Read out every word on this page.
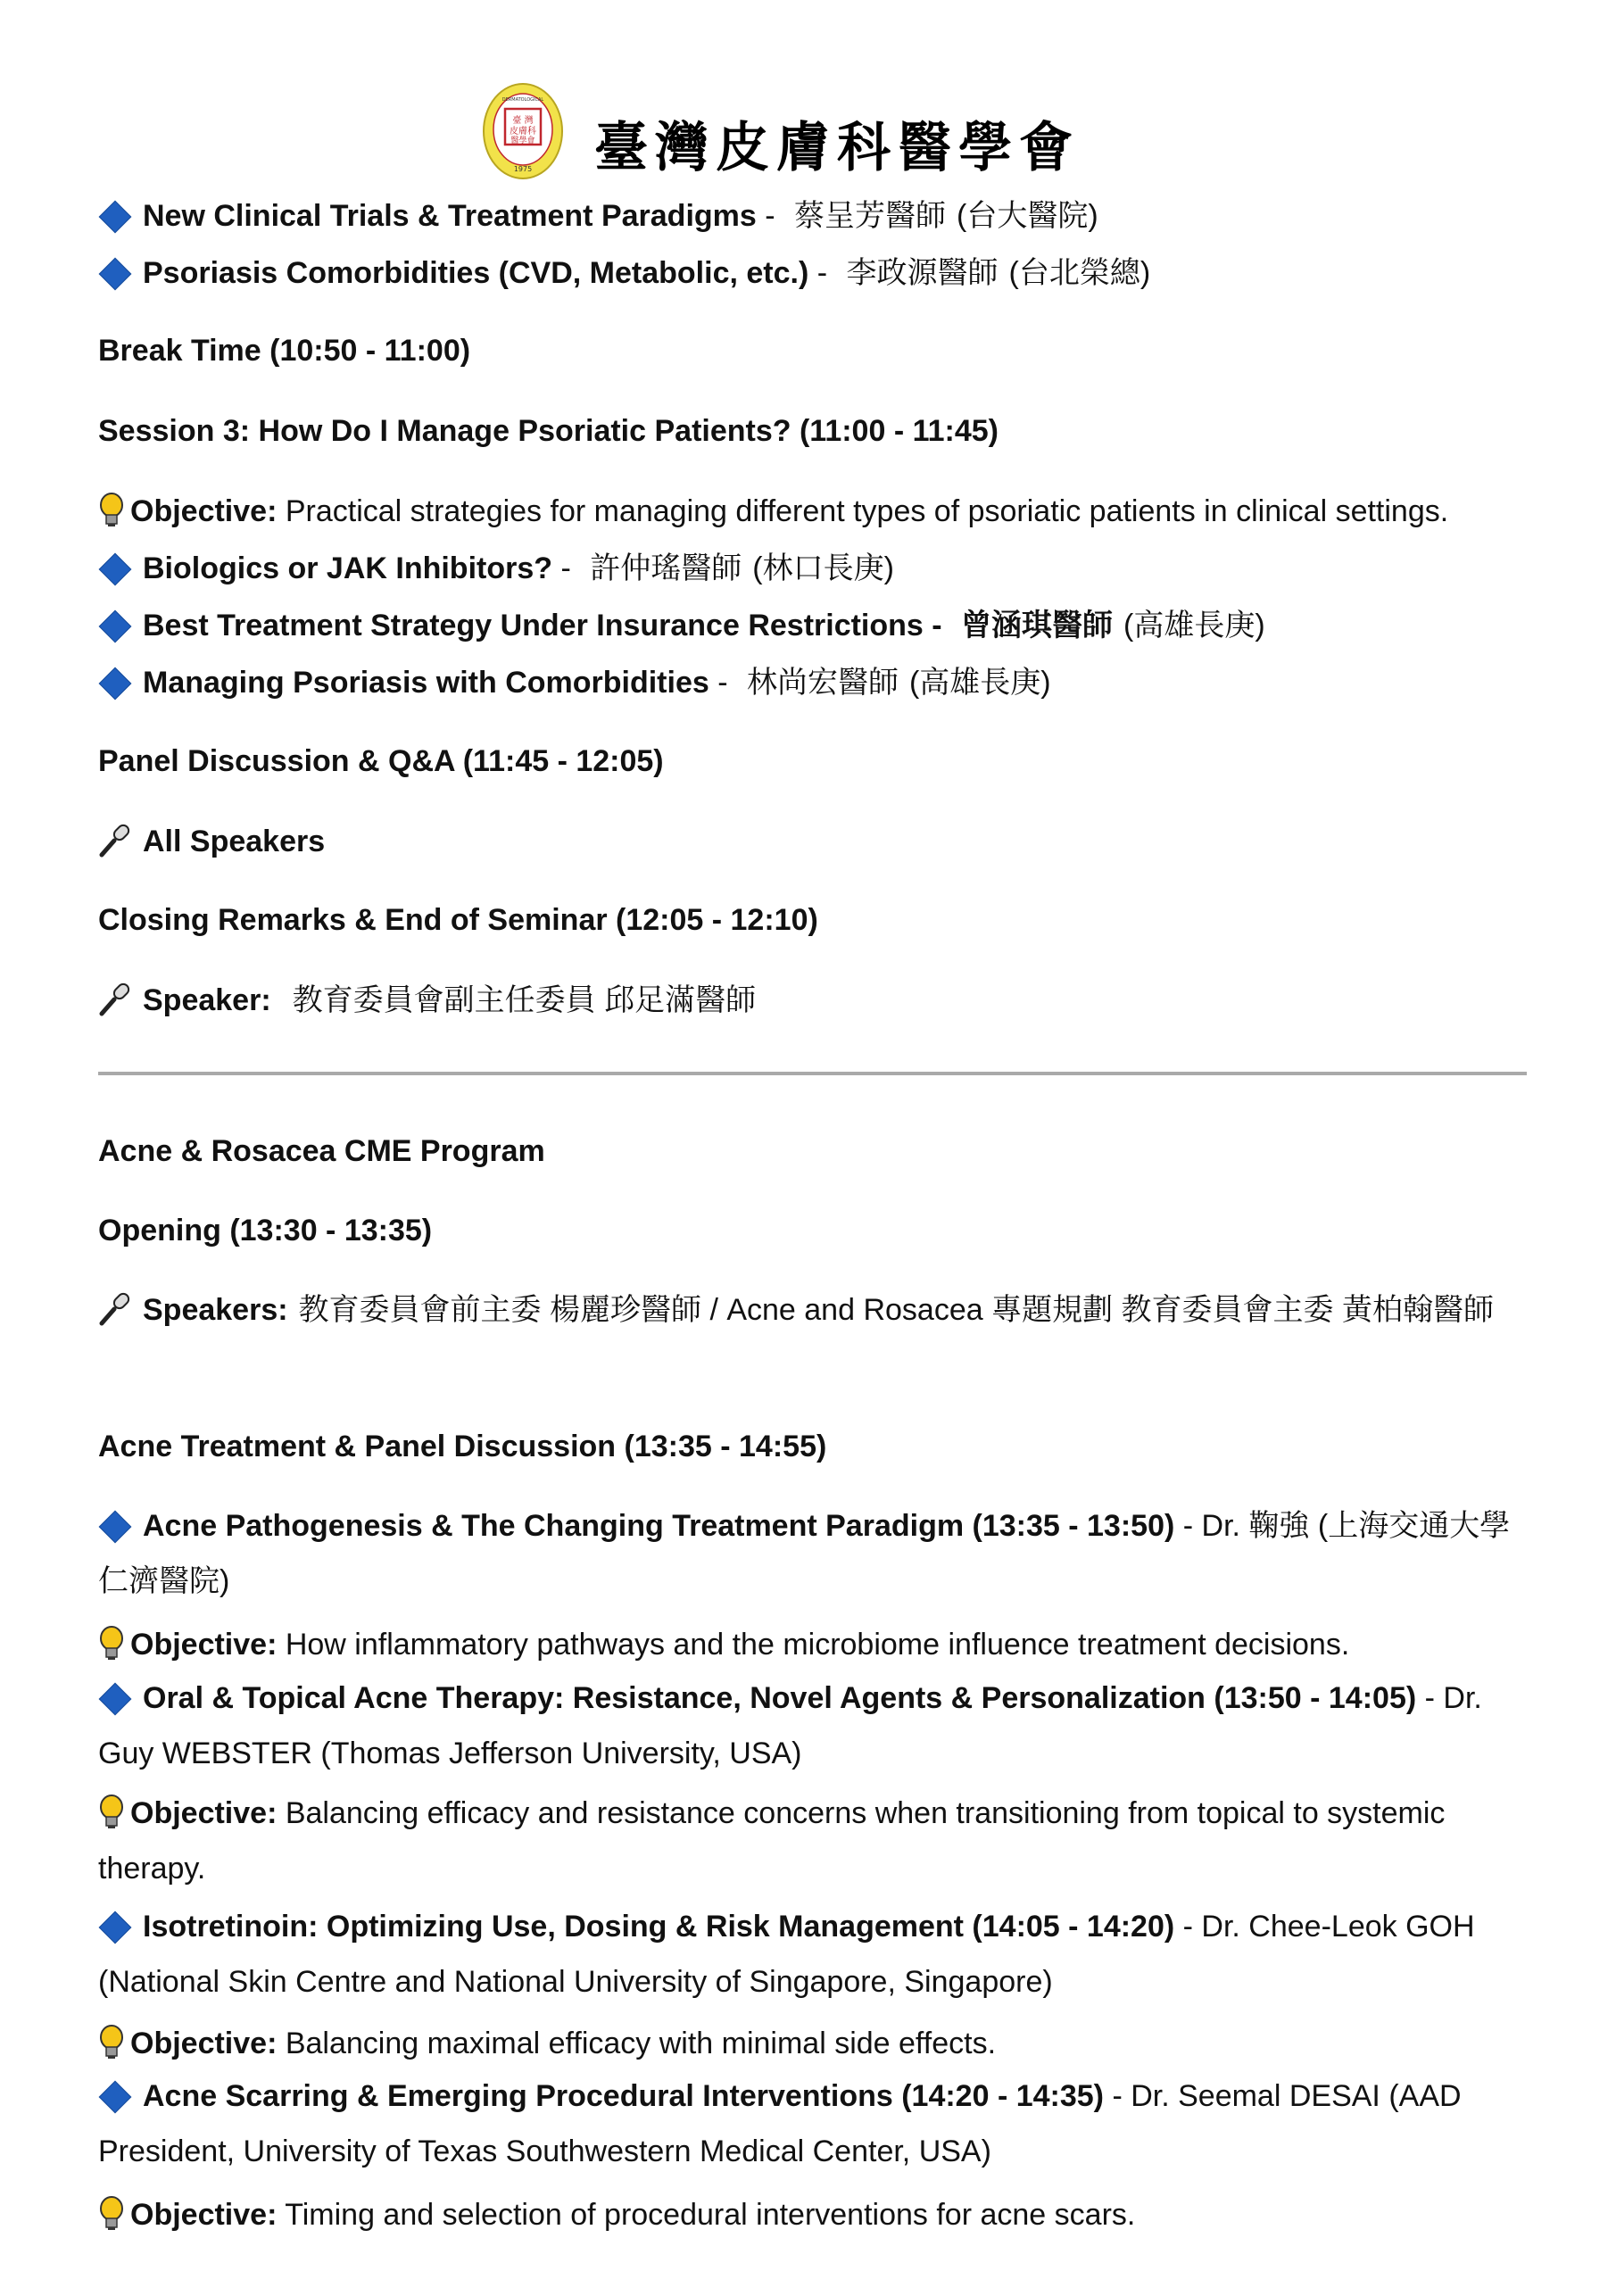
臺 灣
皮膚科
醫學會
DERMATOLOGICAL
1975 臺灣皮膚科醫學會
New Clinical Trials & Treatment Paradigms - 蔡呈芳醫師 (台大醫院)
Psoriasis Comorbidities (CVD, Metabolic, etc.) - 李政源醫師 (台北榮總)
Break Time (10:50 - 11:00)
Session 3: How Do I Manage Psoriatic Patients? (11:00 - 11:45)
Objective: Practical strategies for managing different types of psoriatic patients in clinical settings.
Biologics or JAK Inhibitors? - 許仲瑤醫師 (林口長庚)
Best Treatment Strategy Under Insurance Restrictions - 曾涵琪醫師 (高雄長庚)
Managing Psoriasis with Comorbidities - 林尚宏醫師 (高雄長庚)
Panel Discussion & Q&A (11:45 - 12:05)
All Speakers
Closing Remarks & End of Seminar (12:05 - 12:10)
Speaker: 教育委員會副主任委員 邱足滿醫師
Acne & Rosacea CME Program
Opening (13:30 - 13:35)
Speakers: 教育委員會前主委 楊麗珍醫師 / Acne and Rosacea 專題規劃 教育委員會主委 黃柏翰醫師
Acne Treatment & Panel Discussion (13:35 - 14:55)
Acne Pathogenesis & The Changing Treatment Paradigm (13:35 - 13:50) - Dr. 鞠強 (上海交通大學仁濟醫院)
Objective: How inflammatory pathways and the microbiome influence treatment decisions.
Oral & Topical Acne Therapy: Resistance, Novel Agents & Personalization (13:50 - 14:05) - Dr. Guy WEBSTER (Thomas Jefferson University, USA)
Objective: Balancing efficacy and resistance concerns when transitioning from topical to systemic therapy.
Isotretinoin: Optimizing Use, Dosing & Risk Management (14:05 - 14:20) - Dr. Chee-Leok GOH (National Skin Centre and National University of Singapore, Singapore)
Objective: Balancing maximal efficacy with minimal side effects.
Acne Scarring & Emerging Procedural Interventions (14:20 - 14:35) - Dr. Seemal DESAI (AAD President, University of Texas Southwestern Medical Center, USA)
Objective: Timing and selection of procedural interventions for acne scars.
